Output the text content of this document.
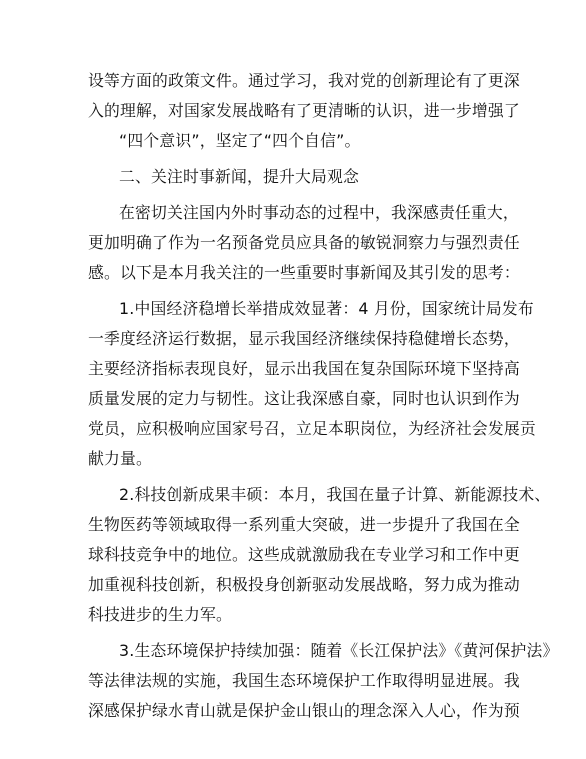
设等方面的政策文件。通过学习，我对党的创新理论有了更深
入的理解，对国家发展战略有了更清晰的认识，进一步增强了
“四个意识”，坚定了“四个自信”。
二、关注时事新闻，提升大局观念
在密切关注国内外时事动态的过程中，我深感责任重大，
更加明确了作为一名预备党员应具备的敏锐洞察力与强烈责任
感。以下是本月我关注的一些重要时事新闻及其引发的思考：
1.中国经济稳增长举措成效显著：4 月份，国家统计局发布
一季度经济运行数据，显示我国经济继续保持稳健增长态势，
主要经济指标表现良好，显示出我国在复杂国际环境下坚持高
质量发展的定力与韧性。这让我深感自豪，同时也认识到作为
党员，应积极响应国家号召，立足本职岗位，为经济社会发展贡
献力量。
2.科技创新成果丰硕：本月，我国在量子计算、新能源技术、
生物医药等领域取得一系列重大突破，进一步提升了我国在全
球科技竞争中的地位。这些成就激励我在专业学习和工作中更
加重视科技创新，积极投身创新驱动发展战略，努力成为推动
科技进步的生力军。
3.生态环境保护持续加强：随着《长江保护法》《黄河保护法》
等法律法规的实施，我国生态环境保护工作取得明显进展。我
深感保护绿水青山就是保护金山银山的理念深入人心，作为预
